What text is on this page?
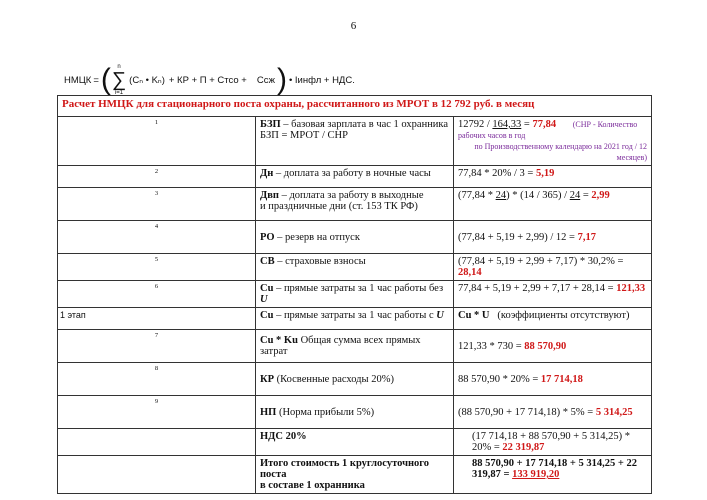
6
НМЦК = ( n
∑
i=1
(Cₙ • Kₙ) + КР + П + Cтсо + Cсж ) • Iинфл + НДС.
Расчет НМЦК для стационарного поста охраны, рассчитанного из МРОТ в 12 792 руб. в месяц		
1	БЗП – базовая зарплата в час 1 охранника
БЗП = МРОТ / СНР	12792 / 164,33 = 77,84 (СНР - Количество рабочих часов в год
по Производственному календарю на 2021 год / 12 месяцев)

2	Дн – доплата за работу в ночные часы	77,84 * 20% / 3 = 5,19
3	Двп – доплата за работу в выходные
и праздничные дни (ст. 153 ТК РФ)	(77,84 * 24) * (14 / 365) / 24 = 2,99
4	РО – резерв на отпуск	(77,84 + 5,19 + 2,99) / 12 = 7,17
5	СВ – страховые взносы	(77,84 + 5,19 + 2,99 + 7,17) * 30,2% = 28,14
6	Cu – прямые затраты за 1 час работы без U	77,84 + 5,19 + 2,99 + 7,17 + 28,14 = 121,33
1 этап	Cu – прямые затраты за 1 час работы с U	Cu * U   (коэффициенты отсутствуют)
7	Cu * Ku Общая сумма всех прямых затрат	121,33 * 730 = 88 570,90
8	КР (Косвенные расходы 20%)	88 570,90 * 20% = 17 714,18
9	НП (Норма прибыли 5%)	(88 570,90 + 17 714,18) * 5% = 5 314,25
	НДС 20%	(17 714,18 + 88 570,90 + 5 314,25) * 20% = 22 319,87
	Итого стоимость 1 круглосуточного поста
в составе 1 охранника	88 570,90 + 17 714,18 + 5 314,25 + 22 319,87 = 133 919,20
